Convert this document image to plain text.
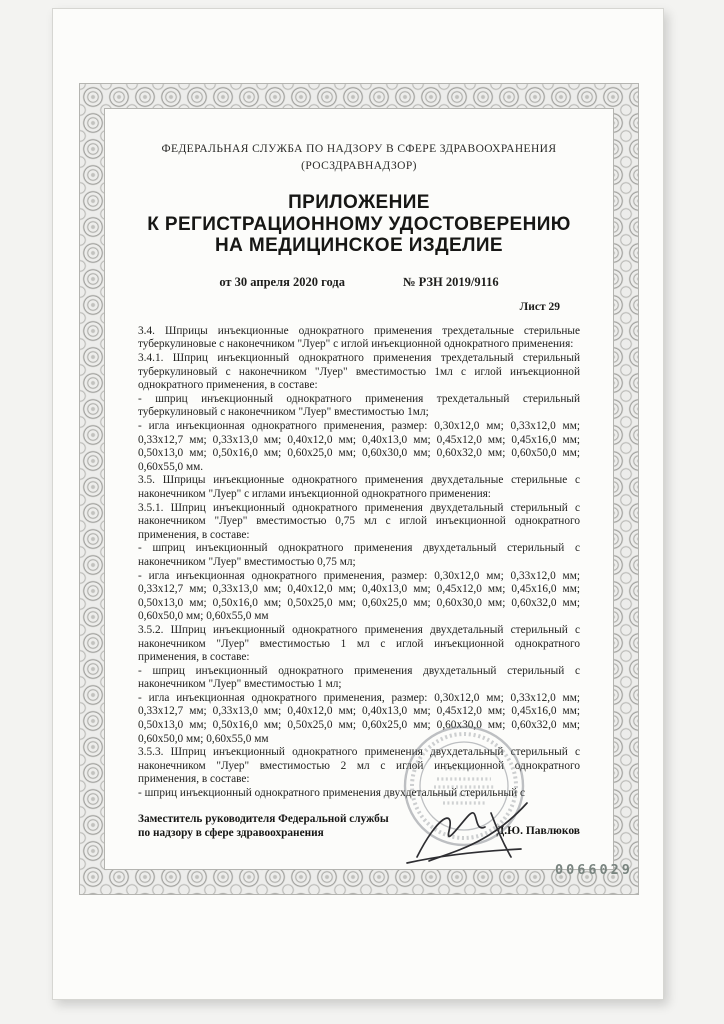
ФЕДЕРАЛЬНАЯ СЛУЖБА ПО НАДЗОРУ В СФЕРЕ ЗДРАВООХРАНЕНИЯ
(РОСЗДРАВНАДЗОР)
ПРИЛОЖЕНИЕ
К РЕГИСТРАЦИОННОМУ УДОСТОВЕРЕНИЮ
НА МЕДИЦИНСКОЕ ИЗДЕЛИЕ
от 30 апреля 2020 года	№ РЗН 2019/9116
Лист 29

3.4. Шприцы инъекционные однократного применения трехдетальные стерильные туберкулиновые с наконечником "Луер" с иглой инъекционной однократного применения:

3.4.1. Шприц инъекционный однократного применения трехдетальный стерильный туберкулиновый с наконечником "Луер" вместимостью 1мл с иглой инъекционной однократного применения, в составе:

- шприц инъекционный однократного применения трехдетальный стерильный туберкулиновый с наконечником "Луер" вместимостью 1мл;

- игла инъекционная однократного применения, размер: 0,30х12,0 мм; 0,33х12,0 мм; 0,33х12,7 мм; 0,33х13,0 мм; 0,40х12,0 мм; 0,40х13,0 мм; 0,45х12,0 мм; 0,45х16,0 мм; 0,50х13,0 мм; 0,50х16,0 мм; 0,60х25,0 мм; 0,60х30,0 мм; 0,60х32,0 мм; 0,60х50,0 мм; 0,60х55,0 мм.

3.5. Шприцы инъекционные однократного применения двухдетальные стерильные с наконечником "Луер" с иглами инъекционной однократного применения:

3.5.1. Шприц инъекционный однократного применения двухдетальный стерильный с наконечником "Луер" вместимостью 0,75 мл с иглой инъекционной однократного применения, в составе:

- шприц инъекционный однократного применения двухдетальный стерильный с наконечником "Луер" вместимостью 0,75 мл;

- игла инъекционная однократного применения, размер: 0,30х12,0 мм; 0,33х12,0 мм; 0,33х12,7 мм; 0,33х13,0 мм; 0,40х12,0 мм; 0,40х13,0 мм; 0,45х12,0 мм; 0,45х16,0 мм; 0,50х13,0 мм; 0,50х16,0 мм; 0,50х25,0 мм; 0,60х25,0 мм; 0,60х30,0 мм; 0,60х32,0 мм; 0,60х50,0 мм; 0,60х55,0 мм

3.5.2. Шприц инъекционный однократного применения двухдетальный стерильный с наконечником "Луер" вместимостью 1 мл с иглой инъекционной однократного применения, в составе:

- шприц инъекционный однократного применения двухдетальный стерильный с наконечником "Луер" вместимостью 1 мл;

- игла инъекционная однократного применения, размер: 0,30х12,0 мм; 0,33х12,0 мм; 0,33х12,7 мм; 0,33х13,0 мм; 0,40х12,0 мм; 0,40х13,0 мм; 0,45х12,0 мм; 0,45х16,0 мм; 0,50х13,0 мм; 0,50х16,0 мм; 0,50х25,0 мм; 0,60х25,0 мм; 0,60х30,0 мм; 0,60х32,0 мм; 0,60х50,0 мм; 0,60х55,0 мм

3.5.3. Шприц инъекционный однократного применения двухдетальный стерильный с наконечником "Луер" вместимостью 2 мл с иглой инъекционной однократного применения, в составе:

- шприц инъекционный однократного применения двухдетальный стерильный с

Заместитель руководителя Федеральной службы
по надзору в сфере здравоохранения	Д.Ю. Павлюков
0066029
